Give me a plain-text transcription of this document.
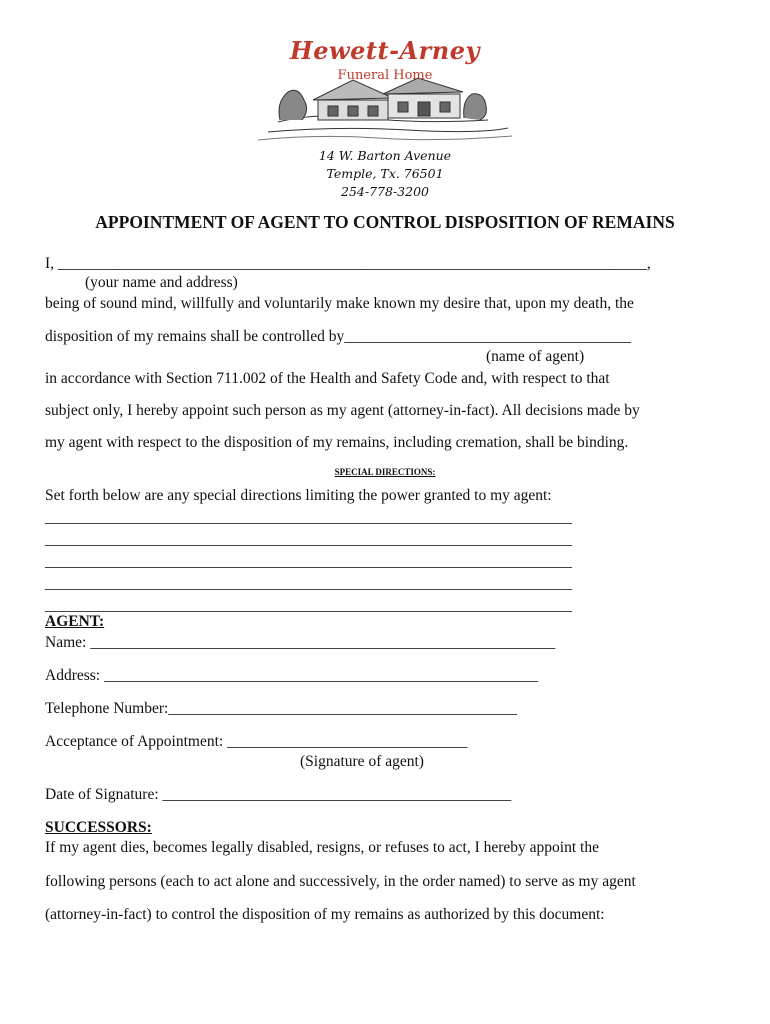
Hewett-Arney
Funeral Home
14 W. Barton Avenue
Temple, Tx. 76501
254-778-3200
APPOINTMENT OF AGENT TO CONTROL DISPOSITION OF REMAINS
I, ____________________________________________________________________________,
(your name and address)
being of sound mind, willfully and voluntarily make known my desire that, upon my death, the
disposition of my remains shall be controlled by_____________________________________
(name of agent)
in accordance with Section 711.002 of the Health and Safety Code and, with respect to that
subject only, I hereby appoint such person as my agent (attorney-in-fact). All decisions made by
my agent with respect to the disposition of my remains, including cremation, shall be binding.
SPECIAL DIRECTIONS:
Set forth below are any special directions limiting the power granted to my agent:
____________________________________________________________________
____________________________________________________________________
____________________________________________________________________
____________________________________________________________________
____________________________________________________________________
AGENT:
Name: ____________________________________________________________
Address: ________________________________________________________
Telephone Number:_____________________________________________
Acceptance of Appointment: _______________________________
(Signature of agent)
Date of Signature: _____________________________________________
SUCCESSORS:
If my agent dies, becomes legally disabled, resigns, or refuses to act, I hereby appoint the
following persons (each to act alone and successively, in the order named) to serve as my agent
(attorney-in-fact) to control the disposition of my remains as authorized by this document:
